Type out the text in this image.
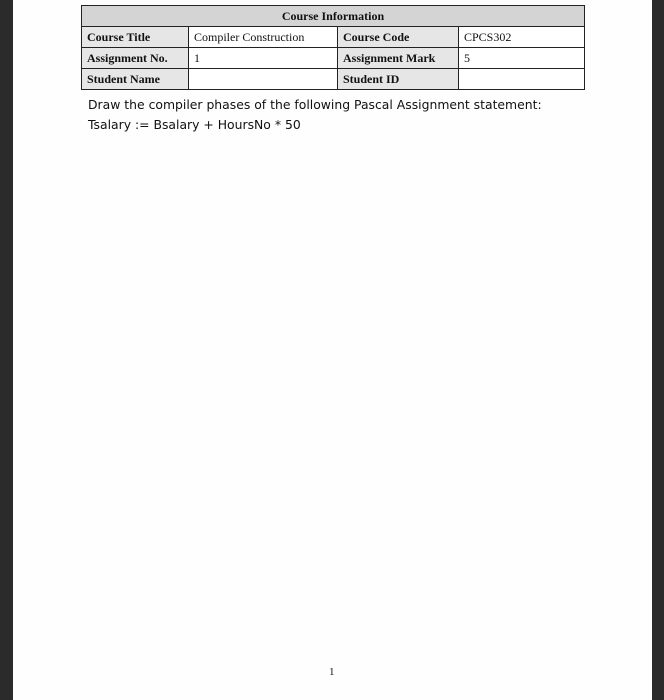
Course Information			
Course Title	Compiler Construction	Course Code	CPCS302
Assignment No.	1	Assignment Mark	5
Student Name		Student ID	
Draw the compiler phases of the following Pascal Assignment statement:
Tsalary := Bsalary + HoursNo * 50
1
